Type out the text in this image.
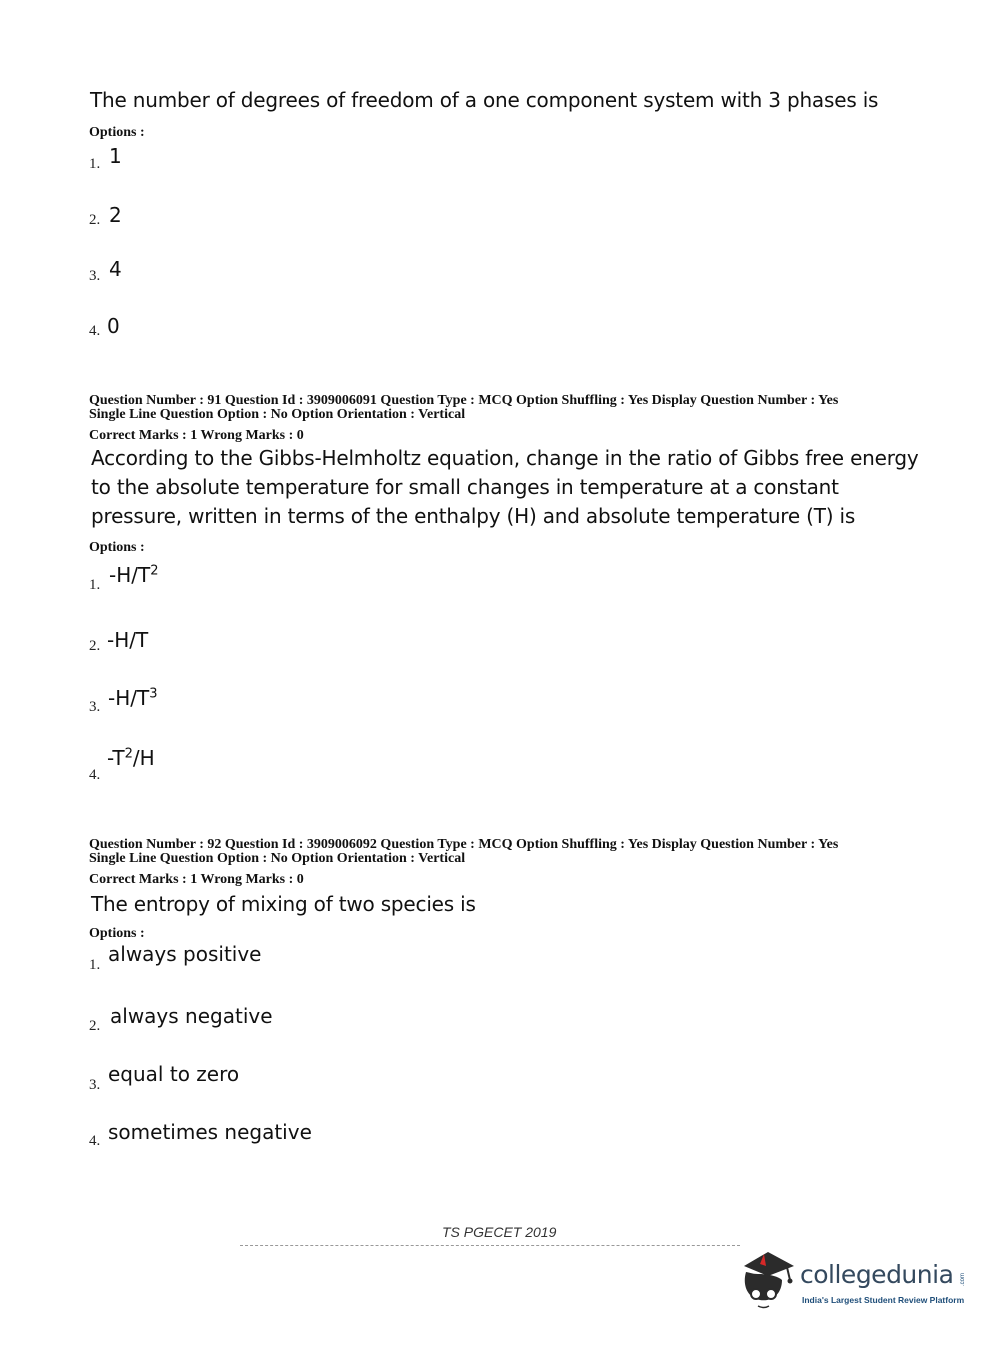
The number of degrees of freedom of a one component system with 3 phases is
Options :
1. 1
2. 2
3. 4
4. 0
Question Number : 91 Question Id : 3909006091 Question Type : MCQ Option Shuffling : Yes Display Question Number : Yes
Single Line Question Option : No Option Orientation : Vertical
Correct Marks : 1 Wrong Marks : 0
According to the Gibbs-Helmholtz equation, change in the ratio of Gibbs free energy to the absolute temperature for small changes in temperature at a constant pressure, written in terms of the enthalpy (H) and absolute temperature (T) is
Options :
1. $-H/T^2$
2. -H/T
3. $-H/T^3$
4.
$-T^2/H$
Question Number : 92 Question Id : 3909006092 Question Type : MCQ Option Shuffling : Yes Display Question Number : Yes
Single Line Question Option : No Option Orientation : Vertical
Correct Marks : 1 Wrong Marks : 0
The entropy of mixing of two species is
Options :
1. always positive
2. always negative
3. equal to zero
4. sometimes negative
TS PGECET 2019
collegedunia .com
India's Largest Student Review Platform
